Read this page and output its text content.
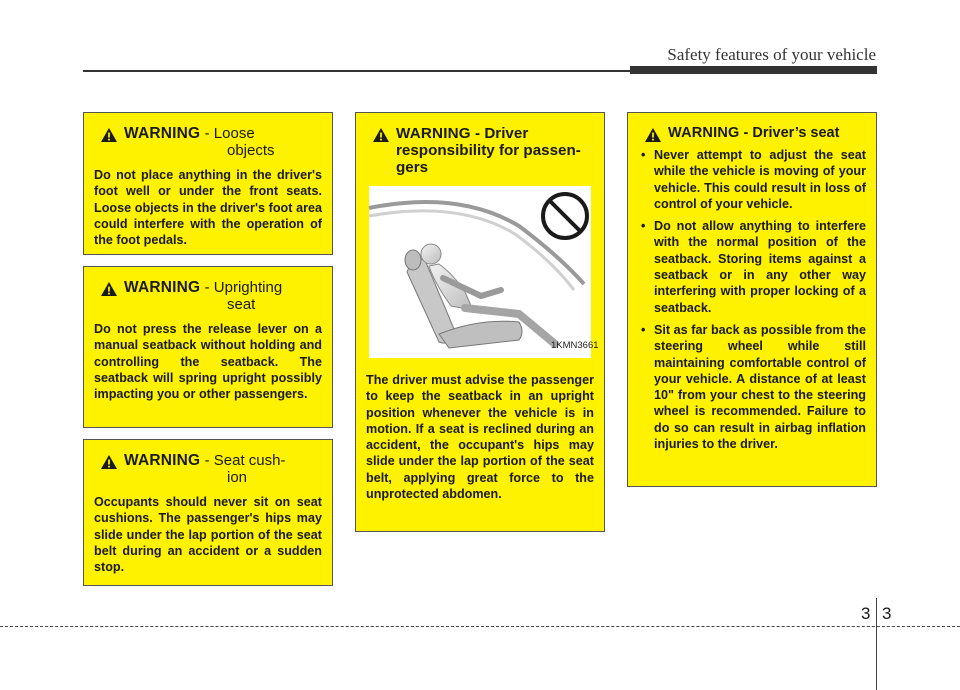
Safety features of your vehicle
WARNING - Loose
objects
Do not place anything in the driver's foot well or under the front seats. Loose objects in the driver's foot area could interfere with the operation of the foot pedals.
WARNING - Uprighting
seat
Do not press the release lever on a manual seatback without holding and controlling the seatback. The seatback will spring upright possibly impacting you or other passengers.
WARNING - Seat cush-
ion
Occupants should never sit on seat cushions. The passenger's hips may slide under the lap portion of the seat belt during an accident or a sudden stop.
WARNING - Driver responsibility for passengers
1KMN3661
The driver must advise the passenger to keep the seatback in an upright position whenever the vehicle is in motion. If a seat is reclined during an accident, the occupant's hips may slide under the lap portion of the seat belt, applying great force to the unprotected abdomen.
WARNING - Driver’s seat
• Never attempt to adjust the seat while the vehicle is moving of your vehicle. This could result in loss of control of your vehicle.
• Do not allow anything to interfere with the normal position of the seatback. Storing items against a seatback or in any other way interfering with proper locking of a seatback.
• Sit as far back as possible from the steering wheel while still maintaining comfortable control of your vehicle. A distance of at least 10" from your chest to the steering wheel is recommended. Failure to do so can result in airbag inflation injuries to the driver.
3 3
